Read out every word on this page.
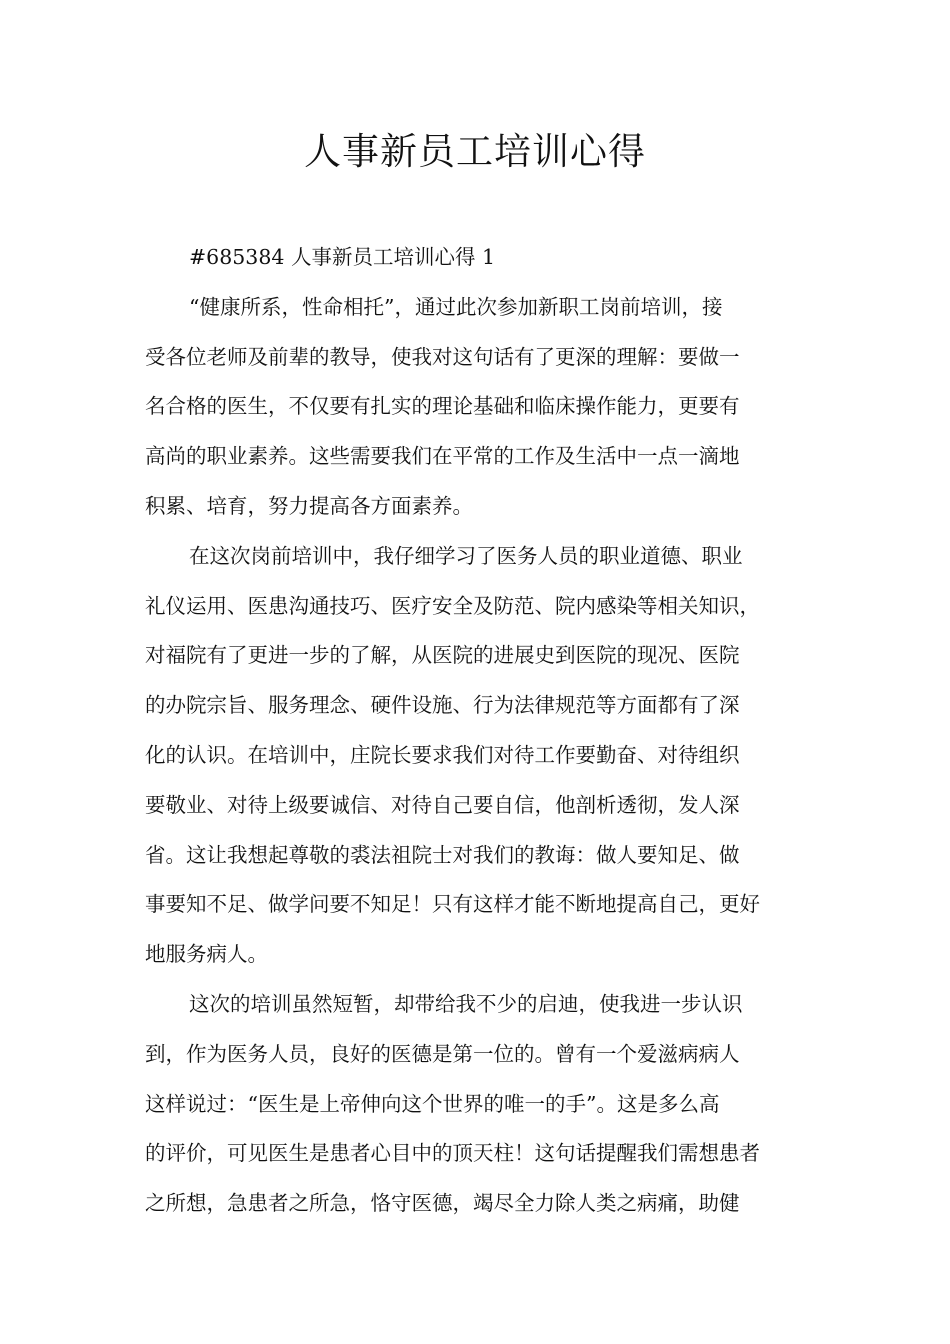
人事新员工培训心得
#685384 人事新员工培训心得 1
“健康所系，性命相托”，通过此次参加新职工岗前培训，接
受各位老师及前辈的教导，使我对这句话有了更深的理解：要做一
名合格的医生，不仅要有扎实的理论基础和临床操作能力，更要有
高尚的职业素养。这些需要我们在平常的工作及生活中一点一滴地
积累、培育，努力提高各方面素养。
在这次岗前培训中，我仔细学习了医务人员的职业道德、职业
礼仪运用、医患沟通技巧、医疗安全及防范、院内感染等相关知识，
对福院有了更进一步的了解，从医院的进展史到医院的现况、医院
的办院宗旨、服务理念、硬件设施、行为法律规范等方面都有了深
化的认识。在培训中，庄院长要求我们对待工作要勤奋、对待组织
要敬业、对待上级要诚信、对待自己要自信，他剖析透彻，发人深
省。这让我想起尊敬的裘法祖院士对我们的教诲：做人要知足、做
事要知不足、做学问要不知足！只有这样才能不断地提高自己，更好
地服务病人。
这次的培训虽然短暂，却带给我不少的启迪，使我进一步认识
到，作为医务人员，良好的医德是第一位的。曾有一个爱滋病病人
这样说过：“医生是上帝伸向这个世界的唯一的手”。这是多么高
的评价，可见医生是患者心目中的顶天柱！这句话提醒我们需想患者
之所想，急患者之所急，恪守医德，竭尽全力除人类之病痛，助健
